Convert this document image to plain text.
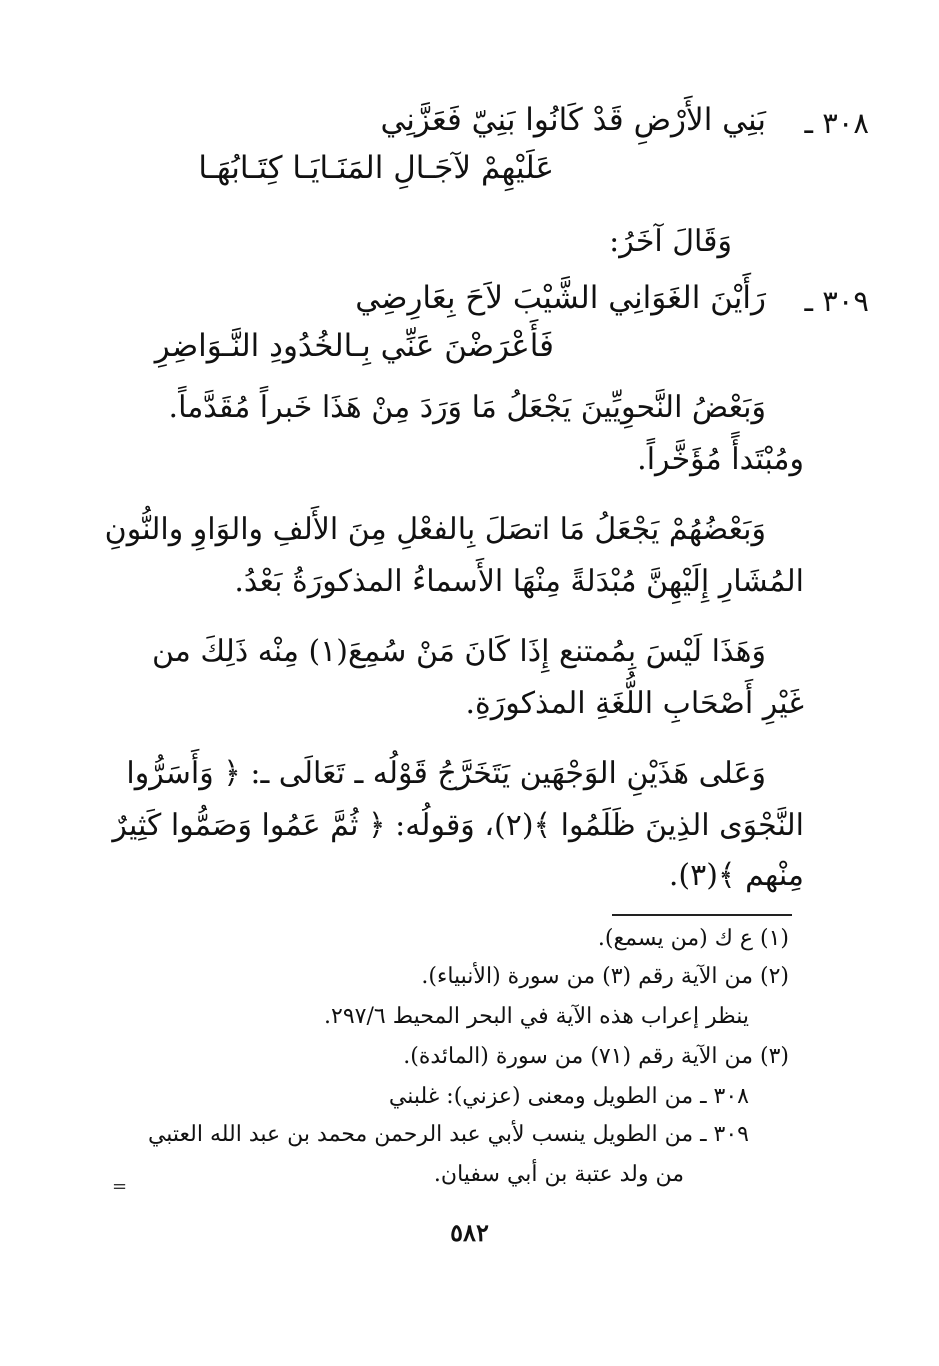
٣٠٨ ـ
بَنِي الأَرْضِ قَدْ كَانُوا بَنِيّ فَعَزَّنِي
عَلَيْهِمْ لآجَـالِ المَنَـايَـا كِتَـابُهَـا
وَقَالَ آخَرُ:
٣٠٩ ـ
رَأَيْنَ الغَوَانِي الشَّيْبَ لاَحَ بِعَارِضِي
فَأَعْرَضْنَ عَنِّي بِـالخُدُودِ النَّـوَاضِرِ
وَبَعْضُ النَّحوِيِّينَ يَجْعَلُ مَا وَرَدَ مِنْ هَذَا خَبراً مُقَدَّماً.
ومُبْتَدأً مُؤَخَّراً.
وَبَعْضُهُمْ يَجْعَلُ مَا اتصَلَ بِالفعْلِ مِنَ الأَلفِ والوَاوِ والنُّونِ
المُشَارِ إِلَيْهِنَّ مُبْدَلةً مِنْهَا الأَسماءُ المذكورَةُ بَعْدُ.
وَهَذَا لَيْسَ بِمُمتنع إِذَا كَانَ مَنْ سُمِعَ(١) مِنْه ذَلِكَ من
غَيْرِ أَصْحَابِ اللُّغَةِ المذكورَةِ.
وَعَلى هَذَيْنِ الوَجْهَين يَتَخَرَّجُ قَوْلُه ـ تَعَالَى ـ: ﴿ وَأَسَرُّوا
النَّجْوَى الذِينَ ظَلَمُوا ﴾(٢)، وَقولُه: ﴿ ثُمَّ عَمُوا وَصَمُّوا كَثِيرٌ
مِنْهم ﴾(٣).
(١) ع ك (من يسمع).
(٢) من الآية رقم (٣) من سورة (الأنبياء).
ينظر إعراب هذه الآية في البحر المحيط ٢٩٧/٦.
(٣) من الآية رقم (٧١) من سورة (المائدة).
٣٠٨ ـ من الطويل ومعنى (عزني): غلبني
٣٠٩ ـ من الطويل ينسب لأبي عبد الرحمن محمد بن عبد الله العتبي
من ولد عتبة بن أبي سفيان.
=
٥٨٢
